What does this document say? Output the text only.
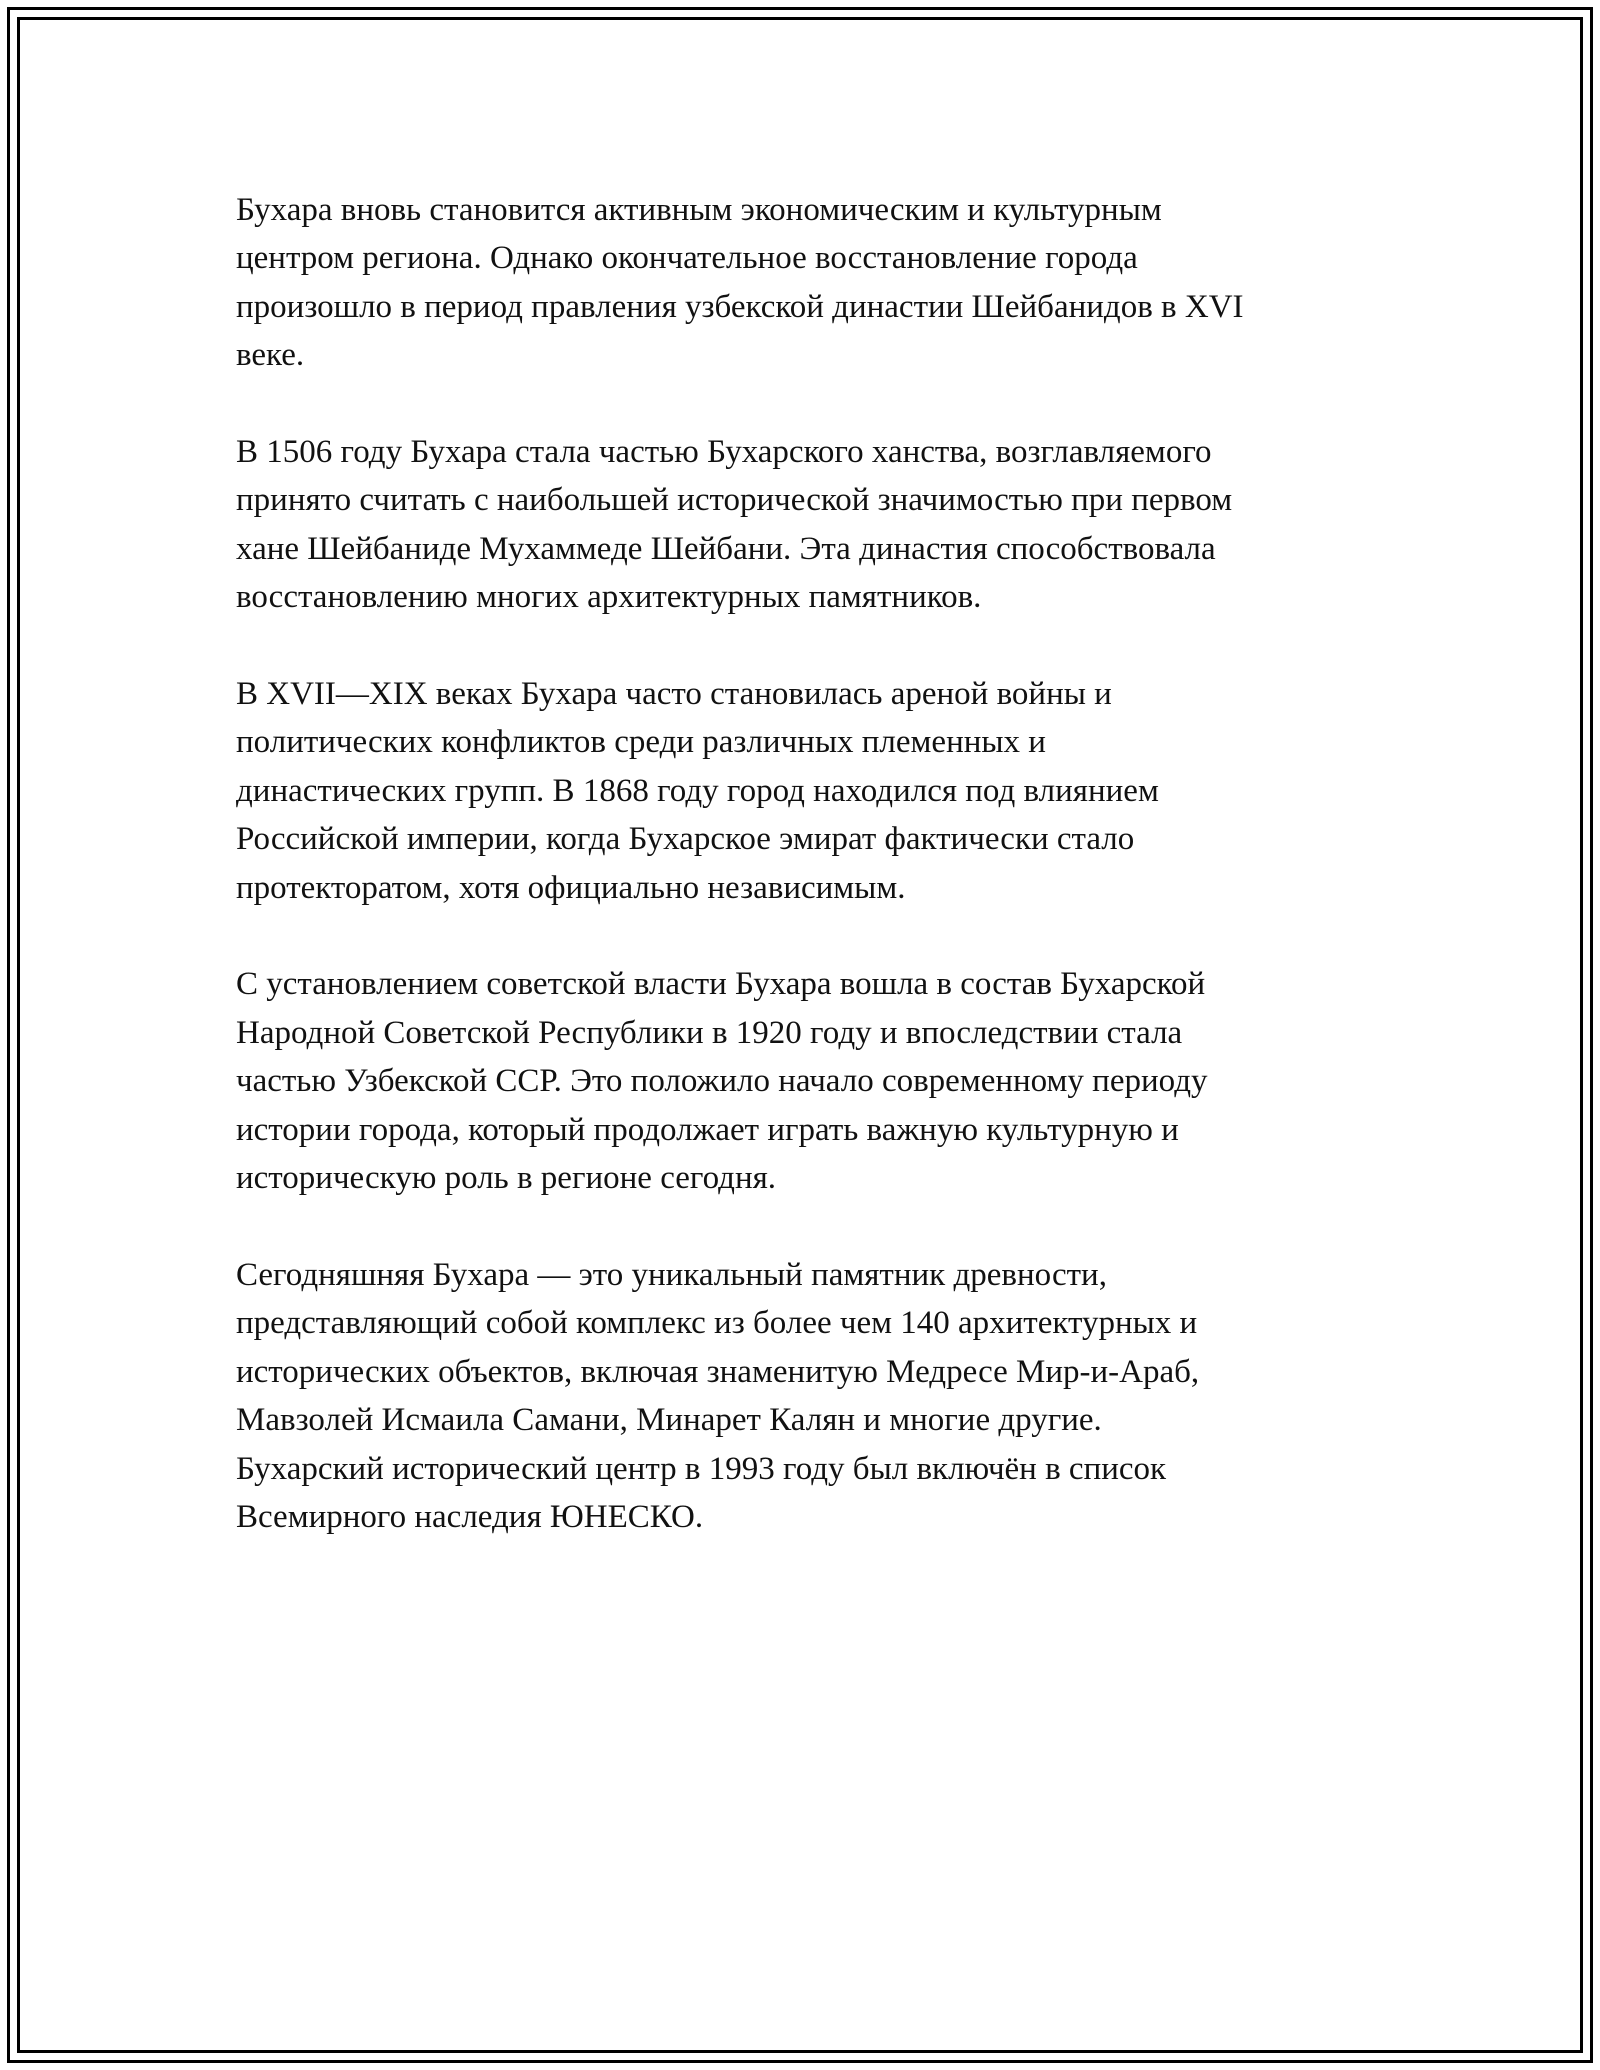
Бухара вновь становится активным экономическим и культурным
центром региона. Однако окончательное восстановление города
произошло в период правления узбекской династии Шейбанидов в XVI
веке.

В 1506 году Бухара стала частью Бухарского ханства, возглавляемого
принято считать с наибольшей исторической значимостью при первом
хане Шейбаниде Мухаммеде Шейбани. Эта династия способствовала
восстановлению многих архитектурных памятников.

В XVII—XIX веках Бухара часто становилась ареной войны и
политических конфликтов среди различных племенных и
династических групп. В 1868 году город находился под влиянием
Российской империи, когда Бухарское эмират фактически стало
протекторатом, хотя официально независимым.

С установлением советской власти Бухара вошла в состав Бухарской
Народной Советской Республики в 1920 году и впоследствии стала
частью Узбекской ССР. Это положило начало современному периоду
истории города, который продолжает играть важную культурную и
историческую роль в регионе сегодня.

Сегодняшняя Бухара — это уникальный памятник древности,
представляющий собой комплекс из более чем 140 архитектурных и
исторических объектов, включая знаменитую Медресе Мир-и-Араб,
Мавзолей Исмаила Самани, Минарет Калян и многие другие.
Бухарский исторический центр в 1993 году был включён в список
Всемирного наследия ЮНЕСКО.
